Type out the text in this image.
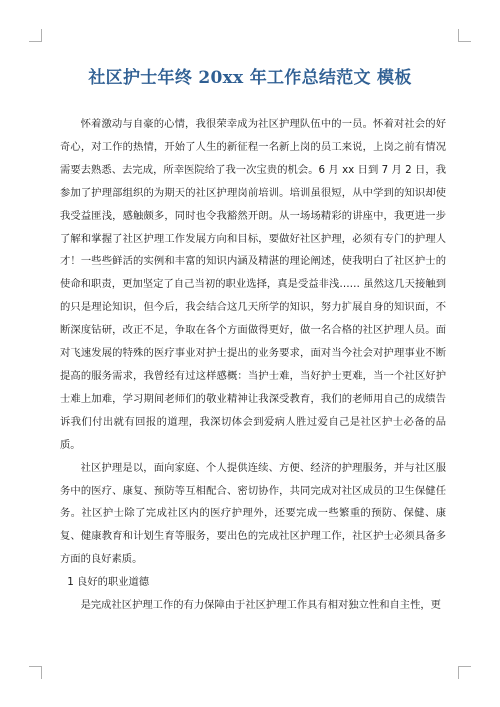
社区护士年终 20xx 年工作总结范文 模板

怀着激动与自豪的心情，我很荣幸成为社区护理队伍中的一员。怀着对社会的好奇心，对工作的热情，开始了人生的新征程一名新上岗的员工来说，上岗之前有情况需要去熟悉、去完成，所幸医院给了我一次宝贵的机会。6 月 xx 日到 7 月 2 日，我参加了护理部组织的为期天的社区护理岗前培训。培训虽很短，从中学到的知识却使我受益匪浅，感触颇多，同时也令我豁然开朗。从一场场精彩的讲座中，我更进一步了解和掌握了社区护理工作发展方向和目标，要做好社区护理，必须有专门的护理人才！一些些鲜活的实例和丰富的知识内涵及精湛的理论阐述，使我明白了社区护士的使命和职责，更加坚定了自己当初的职业选择，真是受益非浅…… 虽然这几天接触到的只是理论知识，但今后，我会结合这几天所学的知识，努力扩展自身的知识面，不断深度钻研，改正不足，争取在各个方面做得更好，做一名合格的社区护理人员。面对飞速发展的特殊的医疗事业对护士提出的业务要求，面对当今社会对护理事业不断提高的服务需求，我曾经有过这样感概：当护士难，当好护士更难，当一个社区好护士难上加难，学习期间老师们的敬业精神让我深受教育，我们的老师用自己的成绩告诉我们付出就有回报的道理，我深切体会到爱病人胜过爱自己是社区护士必备的品质。

社区护理是以，面向家庭、个人提供连续、方便、经济的护理服务，并与社区服务中的医疗、康复、预防等互相配合、密切协作，共同完成对社区成员的卫生保健任务。社区护士除了完成社区内的医疗护理外，还要完成一些繁重的预防、保健、康复、健康教育和计划生育等服务，要出色的完成社区护理工作，社区护士必须具备多方面的良好素质。

1 良好的职业道德

是完成社区护理工作的有力保障由于社区护理工作具有相对独立性和自主性，更
